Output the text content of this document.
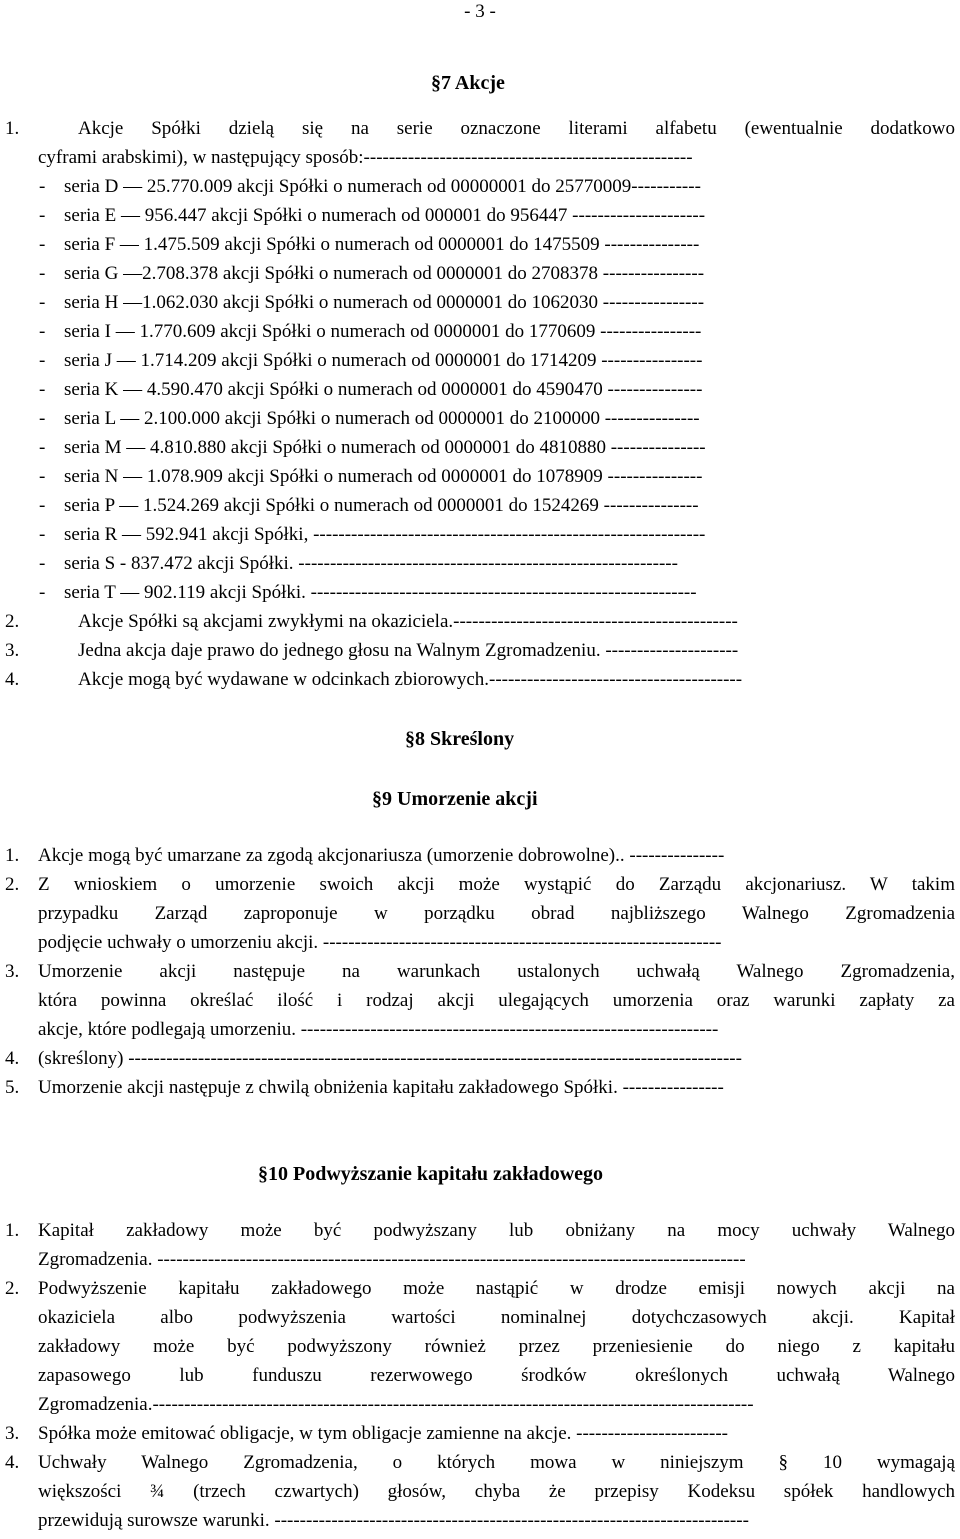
- 3 -
§7 Akcje
1.	Akcje Spółki dzielą się na serie oznaczone literami alfabetu (ewentualnie dodatkowo
cyframi arabskimi), w następujący sposób:----------------------------------------------------
- seria D — 25.770.009 akcji Spółki o numerach od 00000001 do 25770009-----------
- seria E — 956.447 akcji Spółki o numerach od 000001 do 956447 ---------------------
- seria F — 1.475.509 akcji Spółki o numerach od 0000001 do 1475509 ---------------
- seria G —2.708.378 akcji Spółki o numerach od 0000001 do 2708378 ----------------
- seria H —1.062.030 akcji Spółki o numerach od 0000001 do 1062030 ----------------
- seria I — 1.770.609 akcji Spółki o numerach od 0000001 do 1770609 ----------------
- seria J — 1.714.209 akcji Spółki o numerach od 0000001 do 1714209 ----------------
- seria K — 4.590.470 akcji Spółki o numerach od 0000001 do 4590470 ---------------
- seria L — 2.100.000 akcji Spółki o numerach od 0000001 do 2100000 ---------------
- seria M — 4.810.880 akcji Spółki o numerach od 0000001 do 4810880 ---------------
- seria N — 1.078.909 akcji Spółki o numerach od 0000001 do 1078909 ---------------
- seria P — 1.524.269 akcji Spółki o numerach od 0000001 do 1524269 ---------------
- seria R — 592.941 akcji Spółki, --------------------------------------------------------------
- seria S - 837.472 akcji Spółki. ------------------------------------------------------------
- seria T — 902.119 akcji Spółki. -------------------------------------------------------------
2.	Akcje Spółki są akcjami zwykłymi na okaziciela.---------------------------------------------
3.	Jedna akcja daje prawo do jednego głosu na Walnym Zgromadzeniu. ---------------------
4.	Akcje mogą być wydawane w odcinkach zbiorowych.----------------------------------------
§8 Skreślony
§9 Umorzenie akcji
1. Akcje mogą być umarzane za zgodą akcjonariusza (umorzenie dobrowolne).. ---------------
2. Z wnioskiem o umorzenie swoich akcji może wystąpić do Zarządu akcjonariusz. W takim
przypadku Zarząd zaproponuje w porządku obrad najbliższego Walnego Zgromadzenia
podjęcie uchwały o umorzeniu akcji. ---------------------------------------------------------------
3. Umorzenie akcji następuje na warunkach ustalonych uchwałą Walnego Zgromadzenia,
która powinna określać ilość i rodzaj akcji ulegających umorzenia oraz warunki zapłaty za
akcje, które podlegają umorzeniu. ------------------------------------------------------------------
4. (skreślony) -------------------------------------------------------------------------------------------------
5. Umorzenie akcji następuje z chwilą obniżenia kapitału zakładowego Spółki. ----------------
§10 Podwyższanie kapitału zakładowego
1. Kapitał zakładowy może być podwyższany lub obniżany na mocy uchwały Walnego
Zgromadzenia. ---------------------------------------------------------------------------------------------
2. Podwyższenie kapitału zakładowego może nastąpić w drodze emisji nowych akcji na
okaziciela albo podwyższenia wartości nominalnej dotychczasowych akcji. Kapitał
zakładowy może być podwyższony również przez przeniesienie do niego z kapitału
zapasowego lub funduszu rezerwowego środków określonych uchwałą Walnego
Zgromadzenia.-----------------------------------------------------------------------------------------------
3. Spółka może emitować obligacje, w tym obligacje zamienne na akcje. ------------------------
4. Uchwały Walnego Zgromadzenia, o których mowa w niniejszym § 10 wymagają
większości ¾ (trzech czwartych) głosów, chyba że przepisy Kodeksu spółek handlowych
przewidują surowsze warunki. ---------------------------------------------------------------------------
